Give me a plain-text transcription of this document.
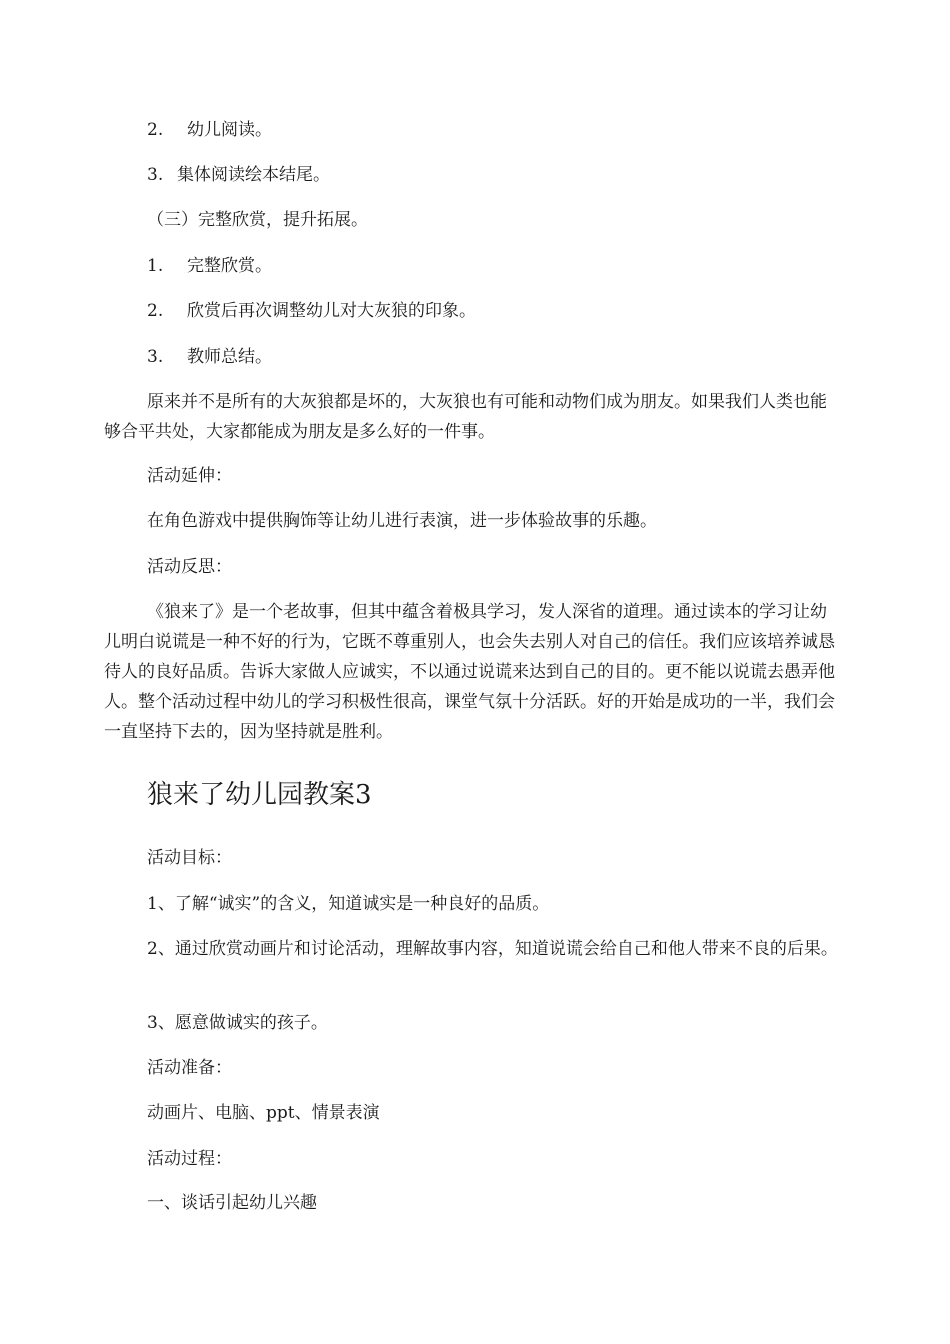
2. 幼儿阅读。

3. 集体阅读绘本结尾。

（三）完整欣赏，提升拓展。

1. 完整欣赏。

2. 欣赏后再次调整幼儿对大灰狼的印象。

3. 教师总结。

原来并不是所有的大灰狼都是坏的，大灰狼也有可能和动物们成为朋友。如果我们人类也能够合平共处，大家都能成为朋友是多么好的一件事。

活动延伸：

在角色游戏中提供胸饰等让幼儿进行表演，进一步体验故事的乐趣。

活动反思：

《狼来了》是一个老故事，但其中蕴含着极具学习，发人深省的道理。通过读本的学习让幼儿明白说谎是一种不好的行为，它既不尊重别人，也会失去别人对自己的信任。我们应该培养诚恳待人的良好品质。告诉大家做人应诚实，不以通过说谎来达到自己的目的。更不能以说谎去愚弄他人。整个活动过程中幼儿的学习积极性很高，课堂气氛十分活跃。好的开始是成功的一半，我们会一直坚持下去的，因为坚持就是胜利。

狼来了幼儿园教案3

活动目标：

1、了解“诚实”的含义，知道诚实是一种良好的品质。

2、通过欣赏动画片和讨论活动，理解故事内容，知道说谎会给自己和他人带来不良的后果。

3、愿意做诚实的孩子。

活动准备：

动画片、电脑、ppt、情景表演

活动过程：

一、谈话引起幼儿兴趣
